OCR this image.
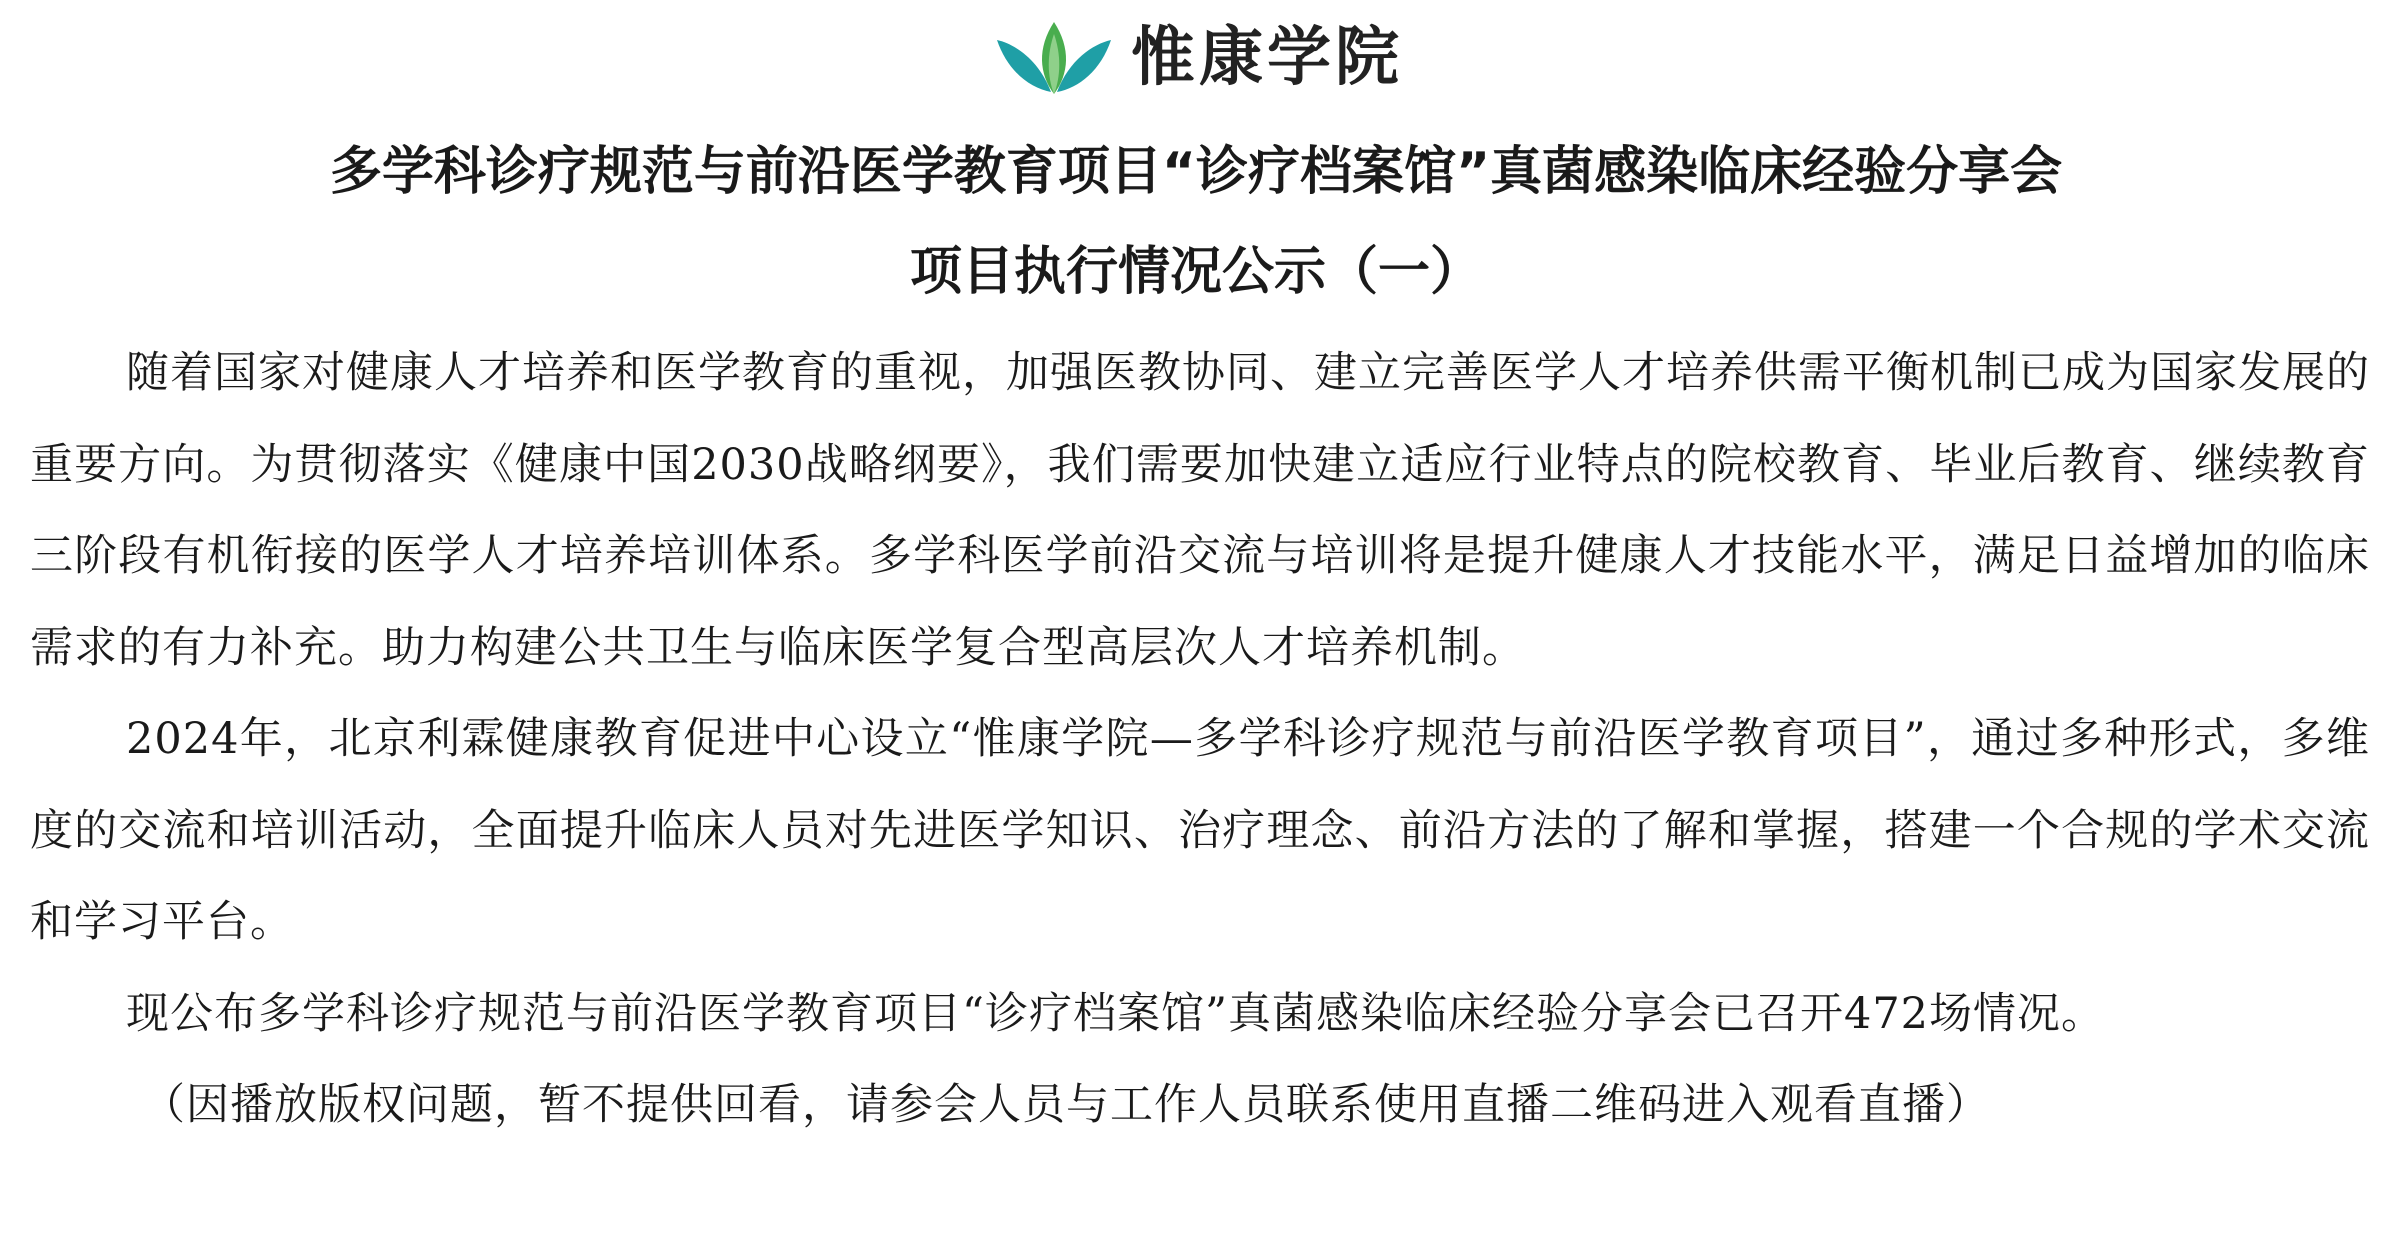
惟康学院
多学科诊疗规范与前沿医学教育项目“诊疗档案馆”真菌感染临床经验分享会
项目执行情况公示（一）

随着国家对健康人才培养和医学教育的重视，加强医教协同、建立完善医学人才培养供需平衡机制已成为国家发展的重要方向。为贯彻落实《健康中国2030战略纲要》，我们需要加快建立适应行业特点的院校教育、毕业后教育、继续教育三阶段有机衔接的医学人才培养培训体系。多学科医学前沿交流与培训将是提升健康人才技能水平，满足日益增加的临床需求的有力补充。助力构建公共卫生与临床医学复合型高层次人才培养机制。

2024年，北京利霖健康教育促进中心设立“惟康学院—多学科诊疗规范与前沿医学教育项目”，通过多种形式，多维度的交流和培训活动，全面提升临床人员对先进医学知识、治疗理念、前沿方法的了解和掌握，搭建一个合规的学术交流和学习平台。

现公布多学科诊疗规范与前沿医学教育项目“诊疗档案馆”真菌感染临床经验分享会已召开472场情况。

（因播放版权问题，暂不提供回看，请参会人员与工作人员联系使用直播二维码进入观看直播）
